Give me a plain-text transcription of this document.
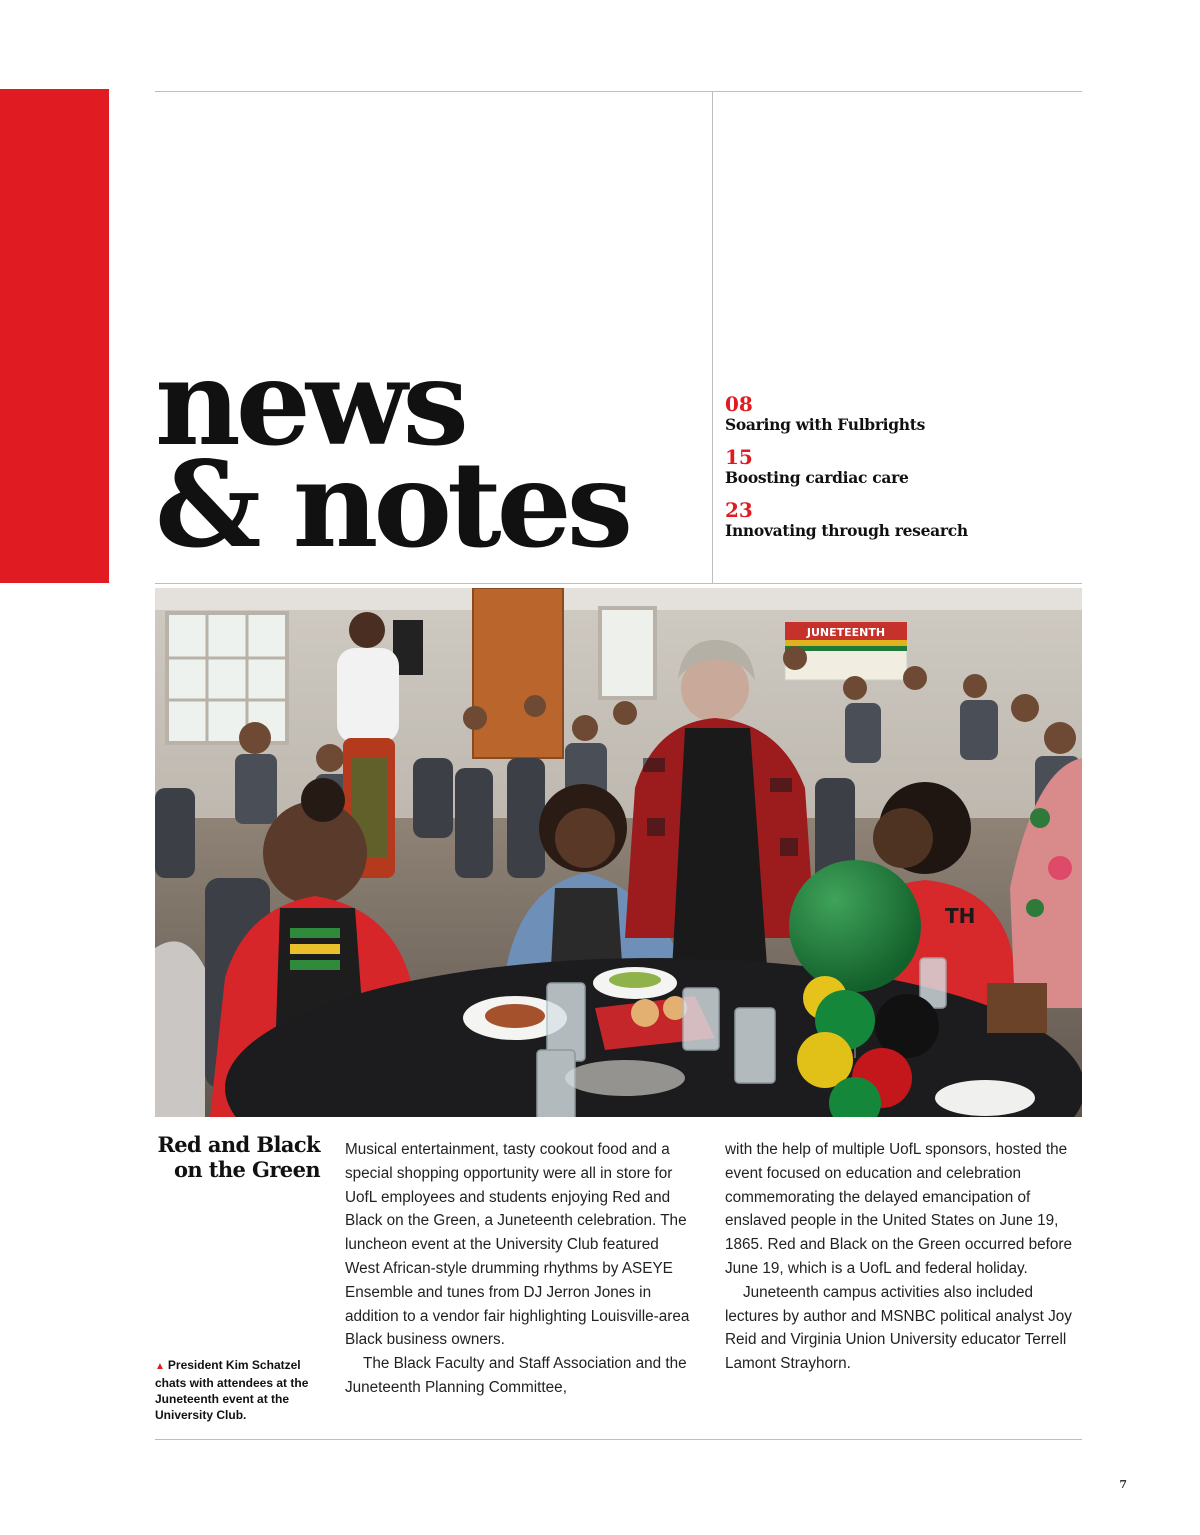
news
& notes
08
Soaring with Fulbrights
15
Boosting cardiac care
23
Innovating through research
JUNETEENTH
TH
Red and Black on the Green
▲ President Kim Schatzel chats with attendees at the Juneteenth event at the University Club.

Musical entertainment, tasty cookout food and a special shopping opportunity were all in store for UofL employees and students enjoying Red and Black on the Green, a Juneteenth celebration. The luncheon event at the University Club featured West African-style drumming rhythms by ASEYE Ensemble and tunes from DJ Jerron Jones in addition to a vendor fair highlighting Louisville-area Black business owners.

The Black Faculty and Staff Association and the Juneteenth Planning Committee,

with the help of multiple UofL sponsors, hosted the event focused on education and celebration commemorating the delayed emancipation of enslaved people in the United States on June 19, 1865. Red and Black on the Green occurred before June 19, which is a UofL and federal holiday.

Juneteenth campus activities also included lectures by author and MSNBC political analyst Joy Reid and Virginia Union University educator Terrell Lamont Strayhorn.

7
